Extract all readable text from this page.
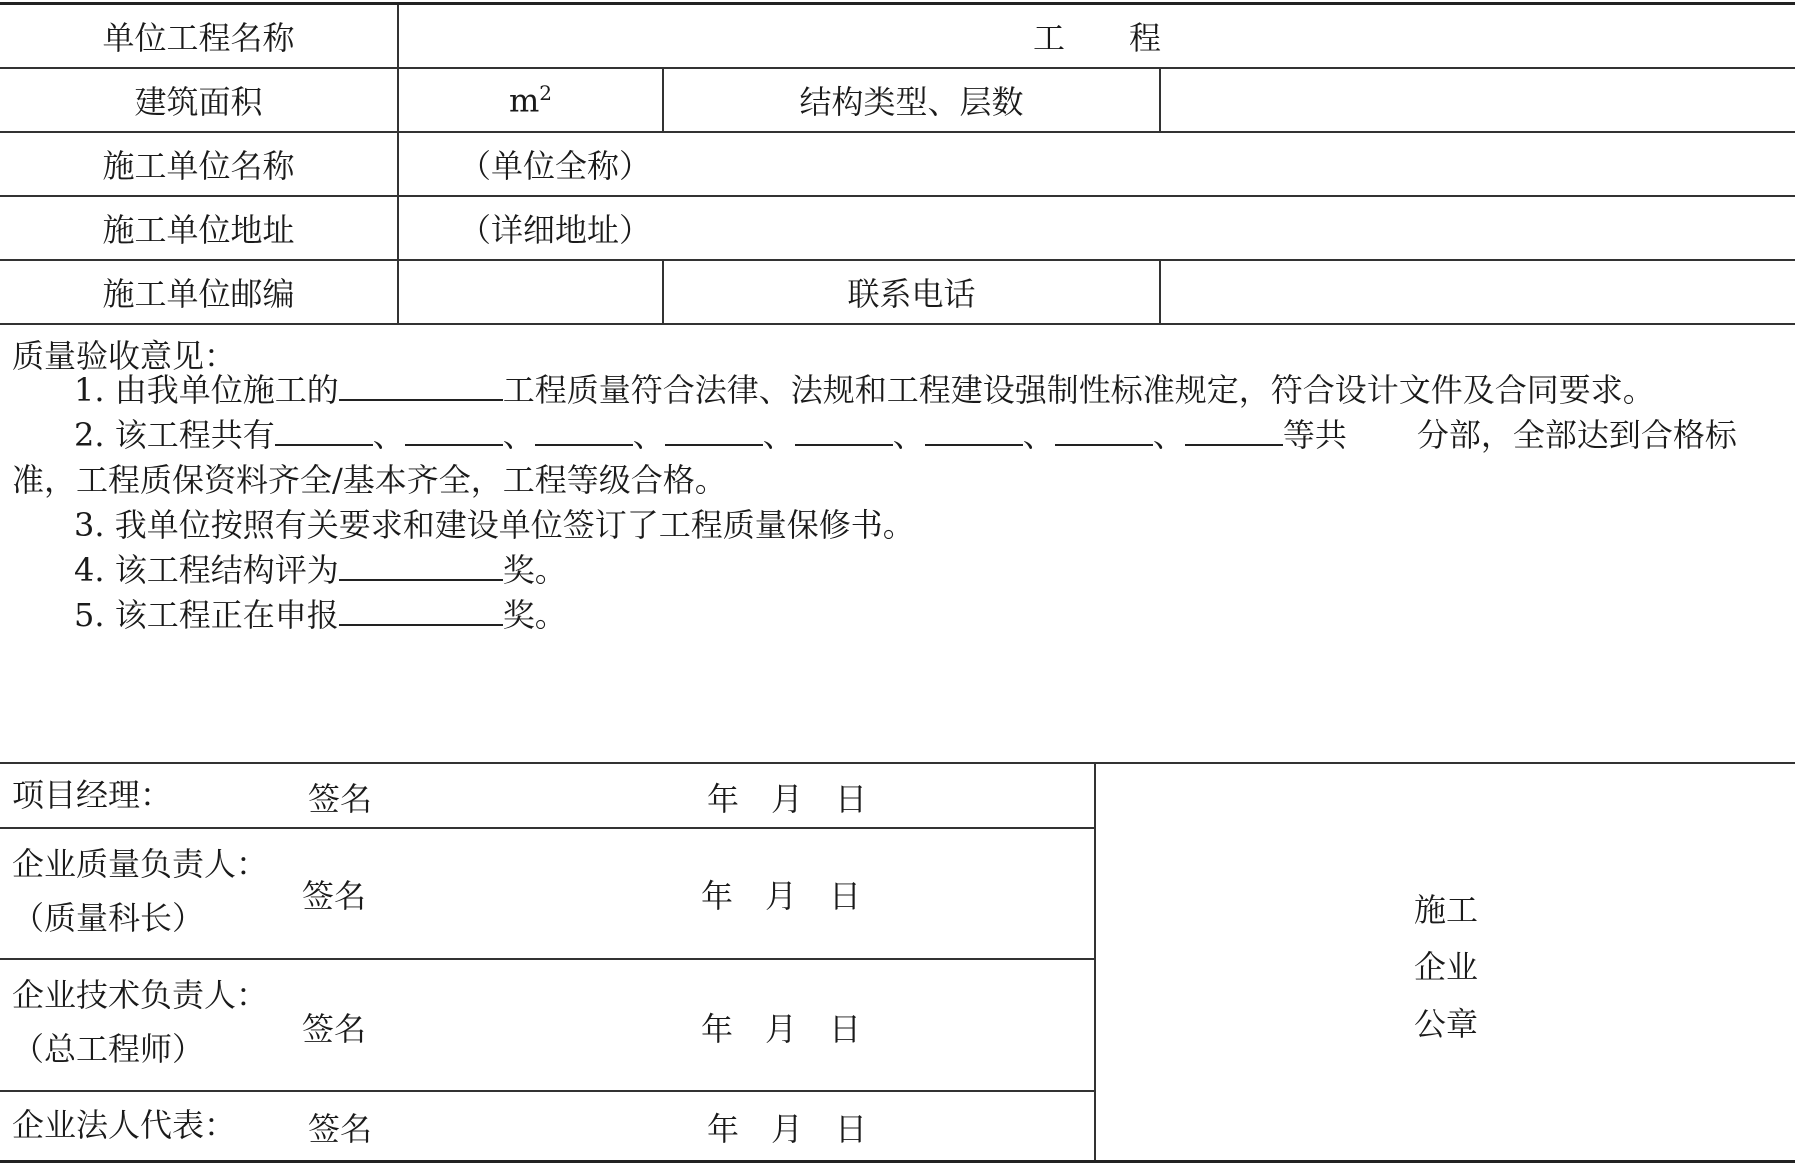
单位工程名称	工　　程		
建筑面积	$m^2$	结构类型、层数	
施工单位名称	（单位全称）		
施工单位地址	（详细地址）		
施工单位邮编		联系电话	
质量验收意见：
1. 由我单位施工的	工程质量符合法律、法规和工程建设强制性标准规定，符合设计文件及合同要求。
2. 该工程共有	、	、	、	、	、	、	、	等共 分部，全部达到合格标
准，工程质保资料齐全/基本齐全，工程等级合格。
3. 我单位按照有关要求和建设单位签订了工程质量保修书。
4. 该工程结构评为	奖。
5. 该工程正在申报	奖。
项目经理：	签名	年　月　日
企业质量负责人：
（质量科长）
签名	年　月　日
企业技术负责人：
（总工程师）
签名	年　月　日
企业法人代表： 签名	年　月　日
施工
企业
公章
